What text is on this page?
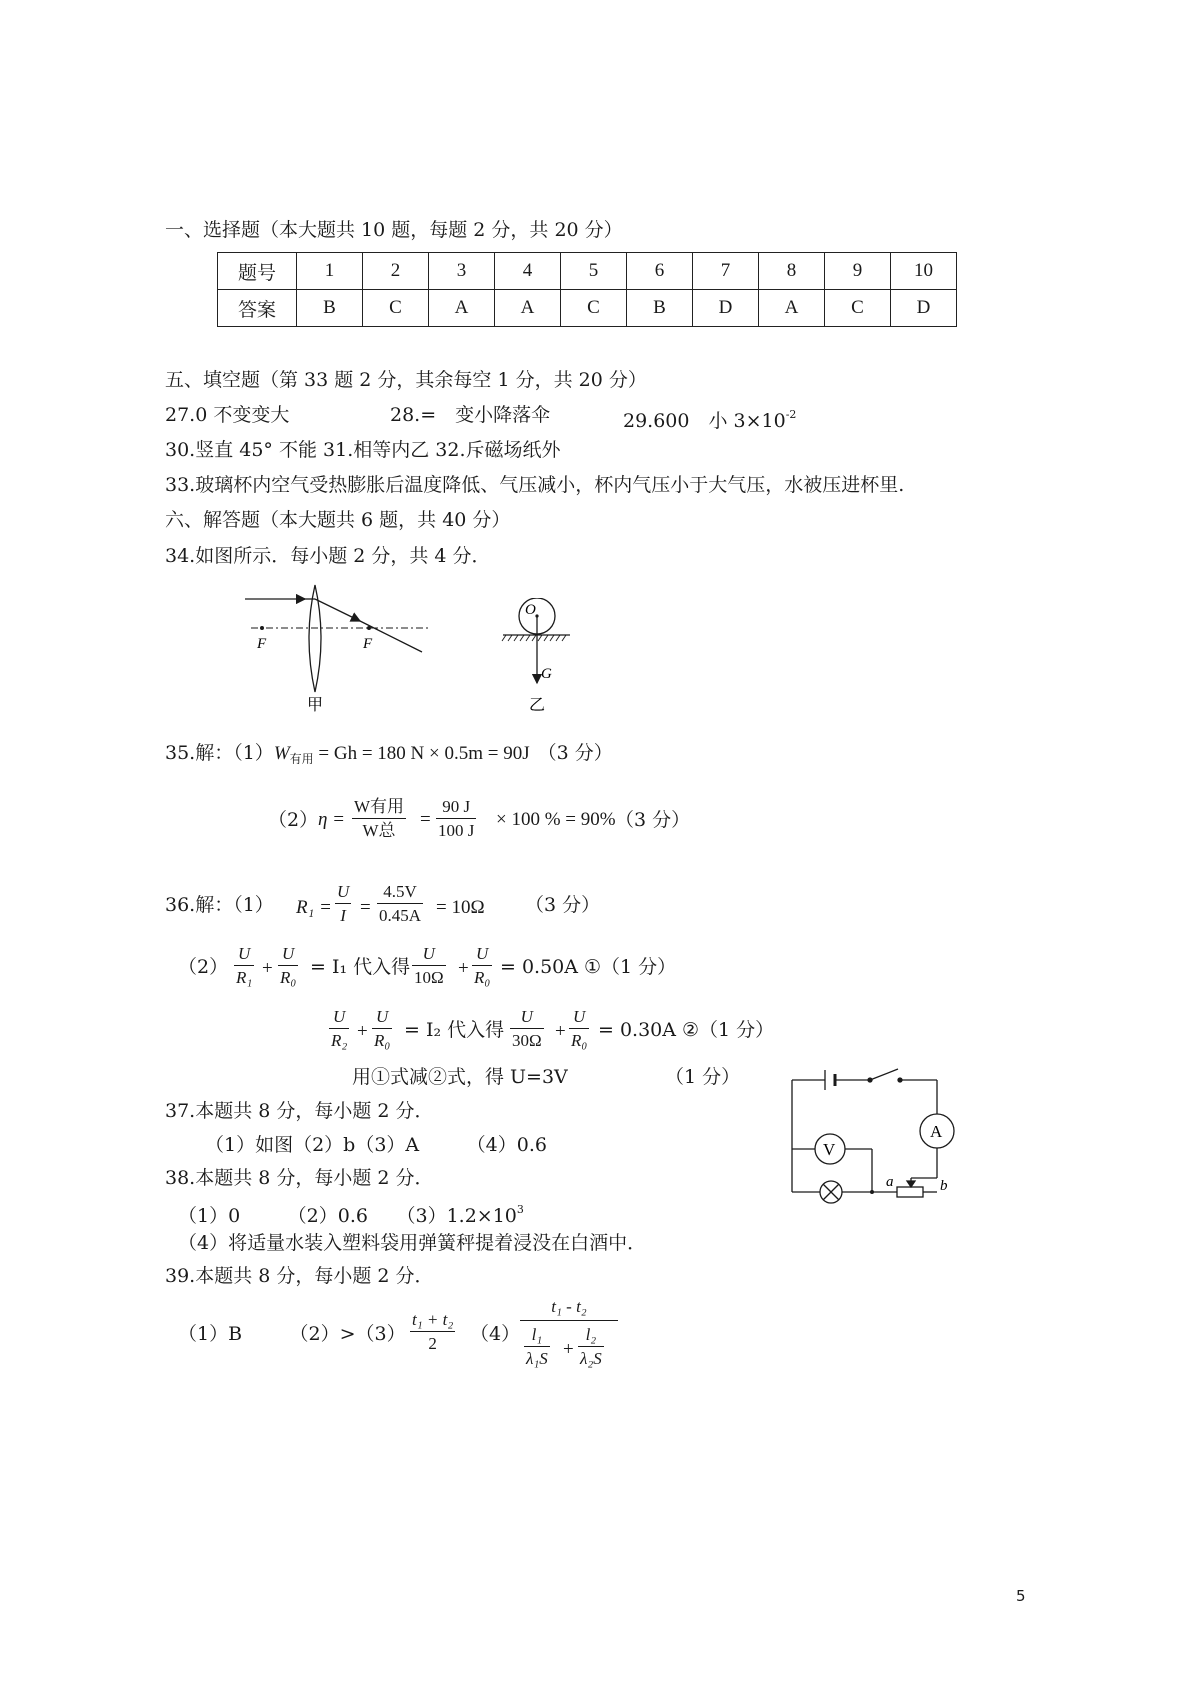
一、选择题（本大题共 10 题，每题 2 分，共 20 分）
题号	1	2	3	4	5	6	7	8	9	10
答案	B	C	A	A	C	B	D	A	C	D
五、填空题（第 33 题 2 分，其余每空 1 分，共 20 分）
27.0 不变变大	28.=　变小降落伞	29.600　小 $3\times 10^{-2}$
30.竖直 45° 不能 31.相等内乙 32.斥磁场纸外
33.玻璃杯内空气受热膨胀后温度降低、气压减小，杯内气压小于大气压，水被压进杯里.
六、解答题（本大题共 6 题，共 40 分）
34.如图所示．每小题 2 分，共 4 分．
F	F
甲
O
G
乙
35.解：$(1)W_{有用} = Gh = 180$ N × 0.5m = 90J （3 分）
（2） η =
W有用
W总
=
90 J
100 J
× 100 % = 90% （3 分）
36.解：（1） R₁ =
U
I =
4.5V
0.45A = 10Ω （3 分）
（2）
U
R₁ +
U
R₀ = I₁ 代入得
U
10Ω +
U
R₀ = 0.50A ①（1 分）
U
R₂ +
U
R₀ = I₂ 代入得
U
30Ω +
U
R₀ = 0.30A ②（1 分）
用①式减②式，得 U=3V	（1 分）
37.本题共 8 分，每小题 2 分．
（1）如图（2）b（3）A　　　（4）0.6
A
V
a	b
38.本题共 8 分，每小题 2 分．
（1）0　　　（2）0.6　　$(3)1.2\times 10^3$
（4）将适量水装入塑料袋用弹簧秤提着浸没在白酒中．
39.本题共 8 分，每小题 2 分．
（1）B　　　（2）>（3）
t₁ + t₂
2	（4）
t₁ - t₂
l₁
λ₁S +
l₂
λ₂S
5
